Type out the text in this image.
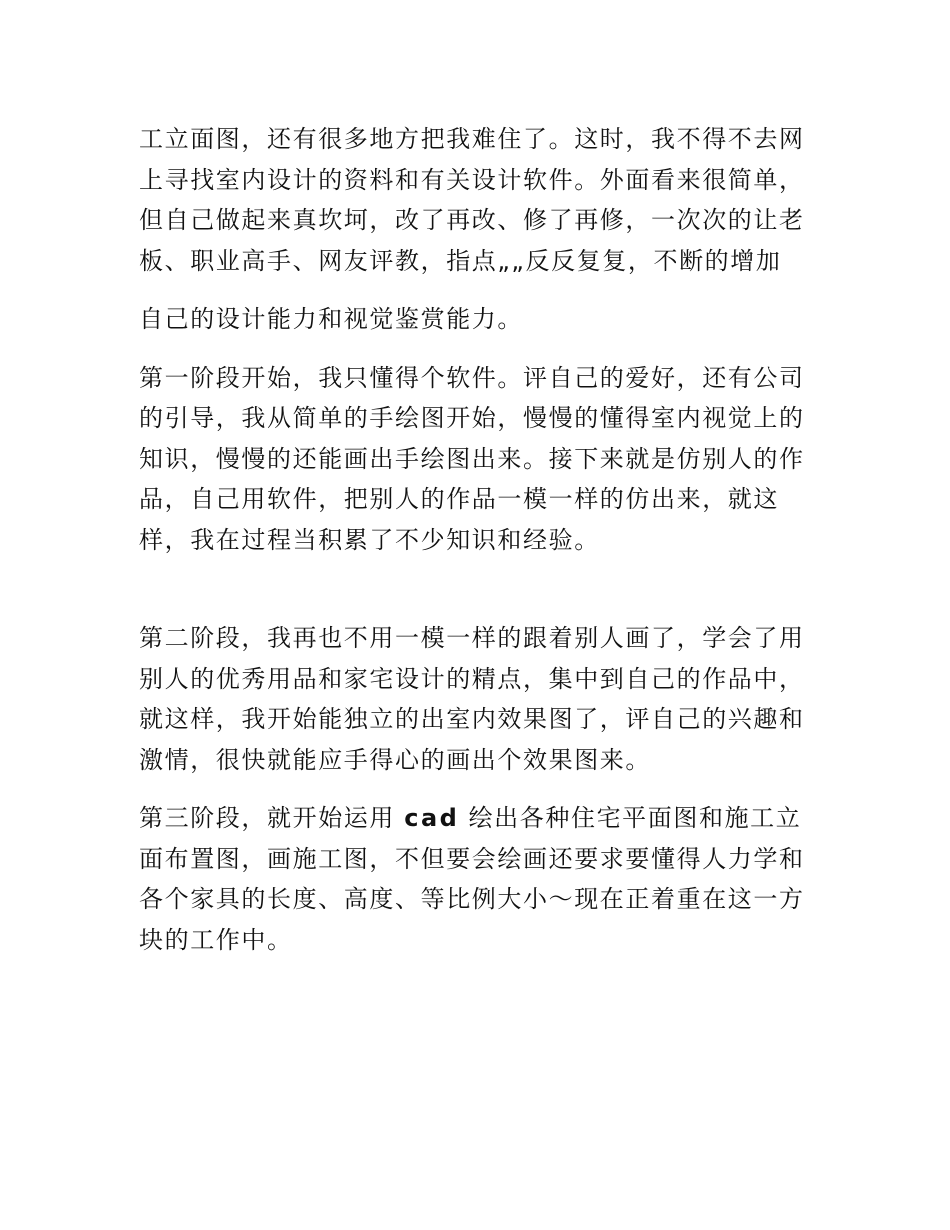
工立面图，还有很多地方把我难住了。这时，我不得不去网上寻找室内设计的资料和有关设计软件。外面看来很简单，但自己做起来真坎坷，改了再改、修了再修，一次次的让老板、职业高手、网友评教，指点„„反反复复，不断的增加

自己的设计能力和视觉鉴赏能力。

第一阶段开始，我只懂得个软件。评自己的爱好，还有公司的引导，我从简单的手绘图开始，慢慢的懂得室内视觉上的知识，慢慢的还能画出手绘图出来。接下来就是仿别人的作品，自己用软件，把别人的作品一模一样的仿出来，就这样，我在过程当积累了不少知识和经验。

第二阶段，我再也不用一模一样的跟着别人画了，学会了用别人的优秀用品和家宅设计的精点，集中到自己的作品中，就这样，我开始能独立的出室内效果图了，评自己的兴趣和激情，很快就能应手得心的画出个效果图来。

第三阶段，就开始运用 cad 绘出各种住宅平面图和施工立面布置图，画施工图，不但要会绘画还要求要懂得人力学和各个家具的长度、高度、等比例大小～现在正着重在这一方块的工作中。
